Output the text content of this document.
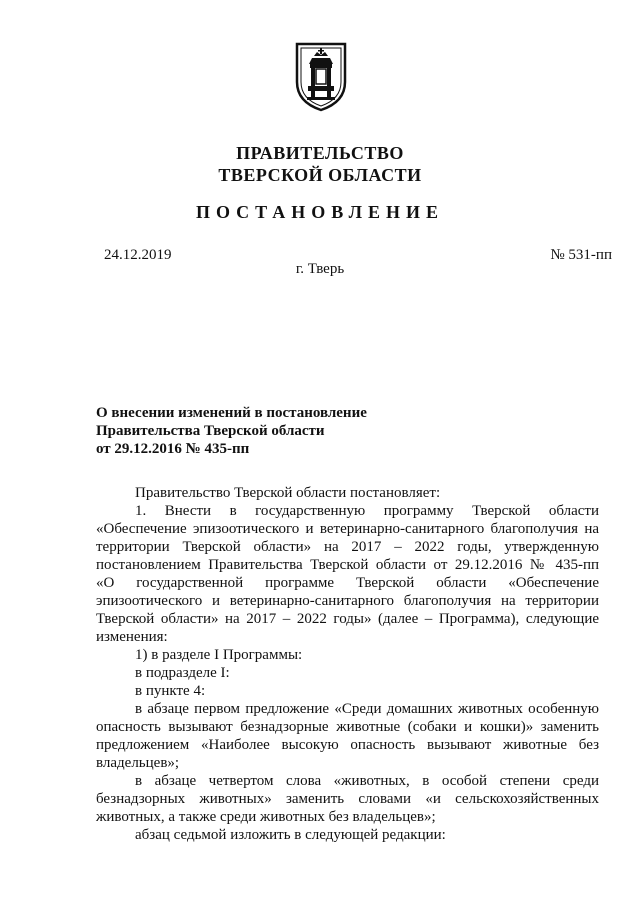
ПРАВИТЕЛЬСТВО
ТВЕРСКОЙ ОБЛАСТИ
ПОСТАНОВЛЕНИЕ
24.12.2019	№ 531-пп
г. Тверь
О внесении изменений в постановление
Правительства Тверской области
от 29.12.2016 № 435-пп

Правительство Тверской области постановляет:

1. Внести в государственную программу Тверской области

«Обеспечение эпизоотического и ветеринарно-санитарного благополучия на

территории Тверской области» на 2017 – 2022 годы, утвержденную

постановлением Правительства Тверской области от 29.12.2016 № 435-пп

«О государственной программе Тверской области «Обеспечение

эпизоотического и ветеринарно-санитарного благополучия на территории

Тверской области» на 2017 – 2022 годы» (далее – Программа), следующие

изменения:

1) в разделе I Программы:

в подразделе I:

в пункте 4:

в абзаце первом предложение «Среди домашних животных особенную

опасность вызывают безнадзорные животные (собаки и кошки)» заменить

предложением «Наиболее высокую опасность вызывают животные без

владельцев»;

в абзаце четвертом слова «животных, в особой степени среди

безнадзорных животных» заменить словами «и сельскохозяйственных

животных, а также среди животных без владельцев»;

абзац седьмой изложить в следующей редакции:
